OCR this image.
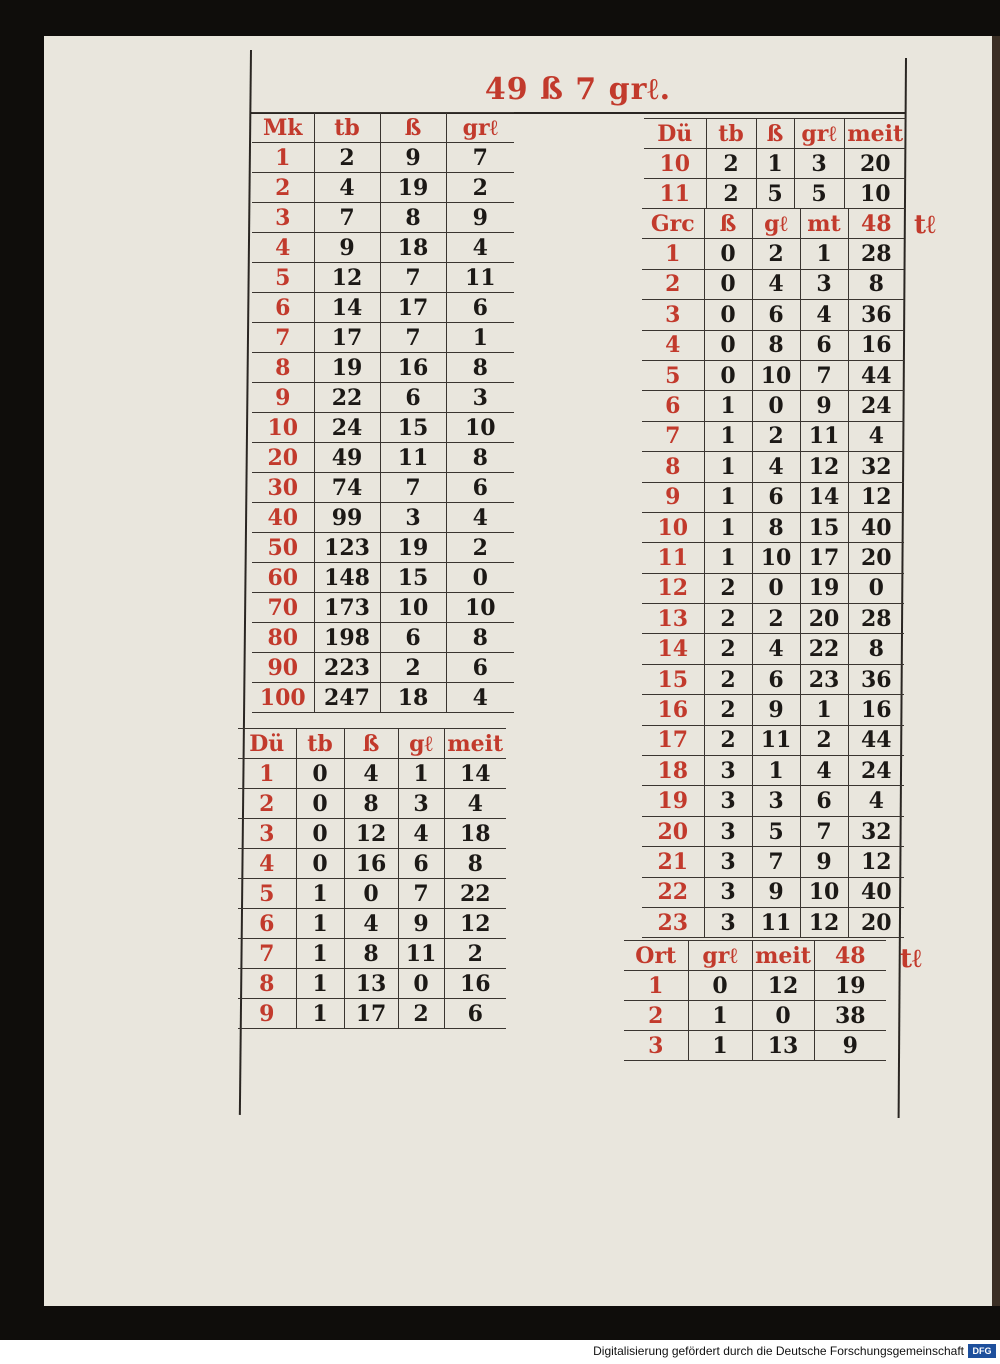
49 ß 7 grℓ.
Mk	tb	ß	grℓ
1	2	9	7
2	4	19	2
3	7	8	9
4	9	18	4
5	12	7	11
6	14	17	6
7	17	7	1
8	19	16	8
9	22	6	3
10	24	15	10
20	49	11	8
30	74	7	6
40	99	3	4
50	123	19	2
60	148	15	0
70	173	10	10
80	198	6	8
90	223	2	6
100	247	18	4
Dü	tb	ß	gℓ	meit
1	0	4	1	14
2	0	8	3	4
3	0	12	4	18
4	0	16	6	8
5	1	0	7	22
6	1	4	9	12
7	1	8	11	2
8	1	13	0	16
9	1	17	2	6
Dü	tb	ß	grℓ	meit
10	2	1	3	20
11	2	5	5	10
Grc	ß	gℓ	mt	48
1	0	2	1	28
2	0	4	3	8
3	0	6	4	36
4	0	8	6	16
5	0	10	7	44
6	1	0	9	24
7	1	2	11	4
8	1	4	12	32
9	1	6	14	12
10	1	8	15	40
11	1	10	17	20
12	2	0	19	0
13	2	2	20	28
14	2	4	22	8
15	2	6	23	36
16	2	9	1	16
17	2	11	2	44
18	3	1	4	24
19	3	3	6	4
20	3	5	7	32
21	3	7	9	12
22	3	9	10	40
23	3	11	12	20
tℓ
Ort	grℓ	meit	48
1	0	12	19
2	1	0	38
3	1	13	9
tℓ
Digitalisierung gefördert durch die Deutsche Forschungsgemeinschaft DFG
